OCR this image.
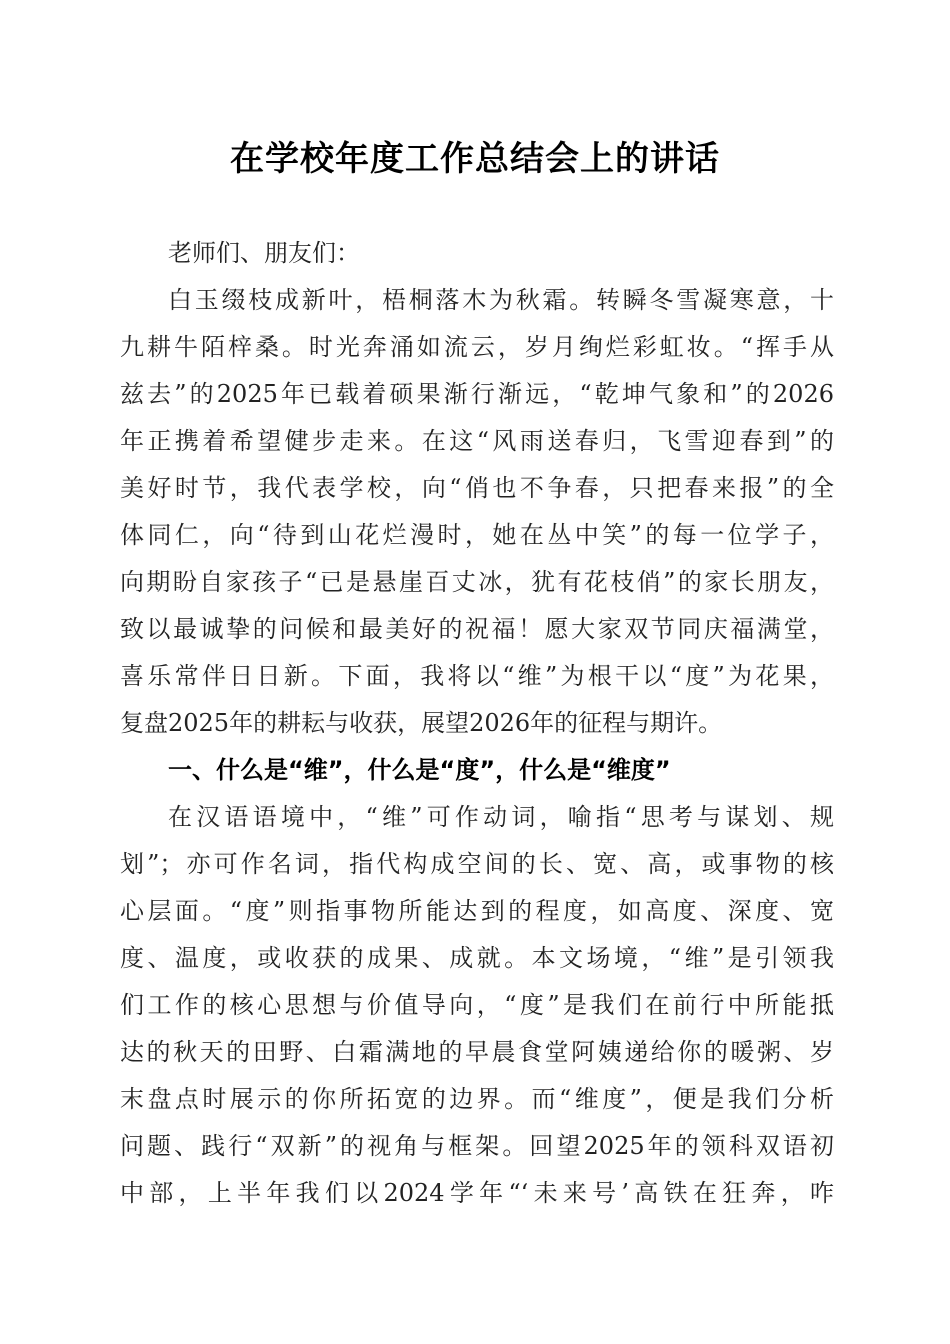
在学校年度工作总结会上的讲话
老师们、朋友们：
白玉缀枝成新叶，梧桐落木为秋霜。转瞬冬雪凝寒意，十
九耕牛陌梓桑。时光奔涌如流云，岁月绚烂彩虹妆。“挥手从
兹去”的2025年已载着硕果渐行渐远，“乾坤气象和”的2026
年正携着希望健步走来。在这“风雨送春归，飞雪迎春到”的
美好时节，我代表学校，向“俏也不争春，只把春来报”的全
体同仁，向“待到山花烂漫时，她在丛中笑”的每一位学子，
向期盼自家孩子“已是悬崖百丈冰，犹有花枝俏”的家长朋友，
致以最诚挚的问候和最美好的祝福！愿大家双节同庆福满堂，
喜乐常伴日日新。下面，我将以“维”为根干以“度”为花果，
复盘2025年的耕耘与收获，展望2026年的征程与期许。
一、什么是“维”，什么是“度”，什么是“维度”
在汉语语境中，“维”可作动词，喻指“思考与谋划、规
划”；亦可作名词，指代构成空间的长、宽、高，或事物的核
心层面。“度”则指事物所能达到的程度，如高度、深度、宽
度、温度，或收获的成果、成就。本文场境，“维”是引领我
们工作的核心思想与价值导向，“度”是我们在前行中所能抵
达的秋天的田野、白霜满地的早晨食堂阿姨递给你的暖粥、岁
末盘点时展示的你所拓宽的边界。而“维度”，便是我们分析
问题、践行“双新”的视角与框架。回望2025年的领科双语初
中部，上半年我们以2024学年“‘未来号’高铁在狂奔，咋
